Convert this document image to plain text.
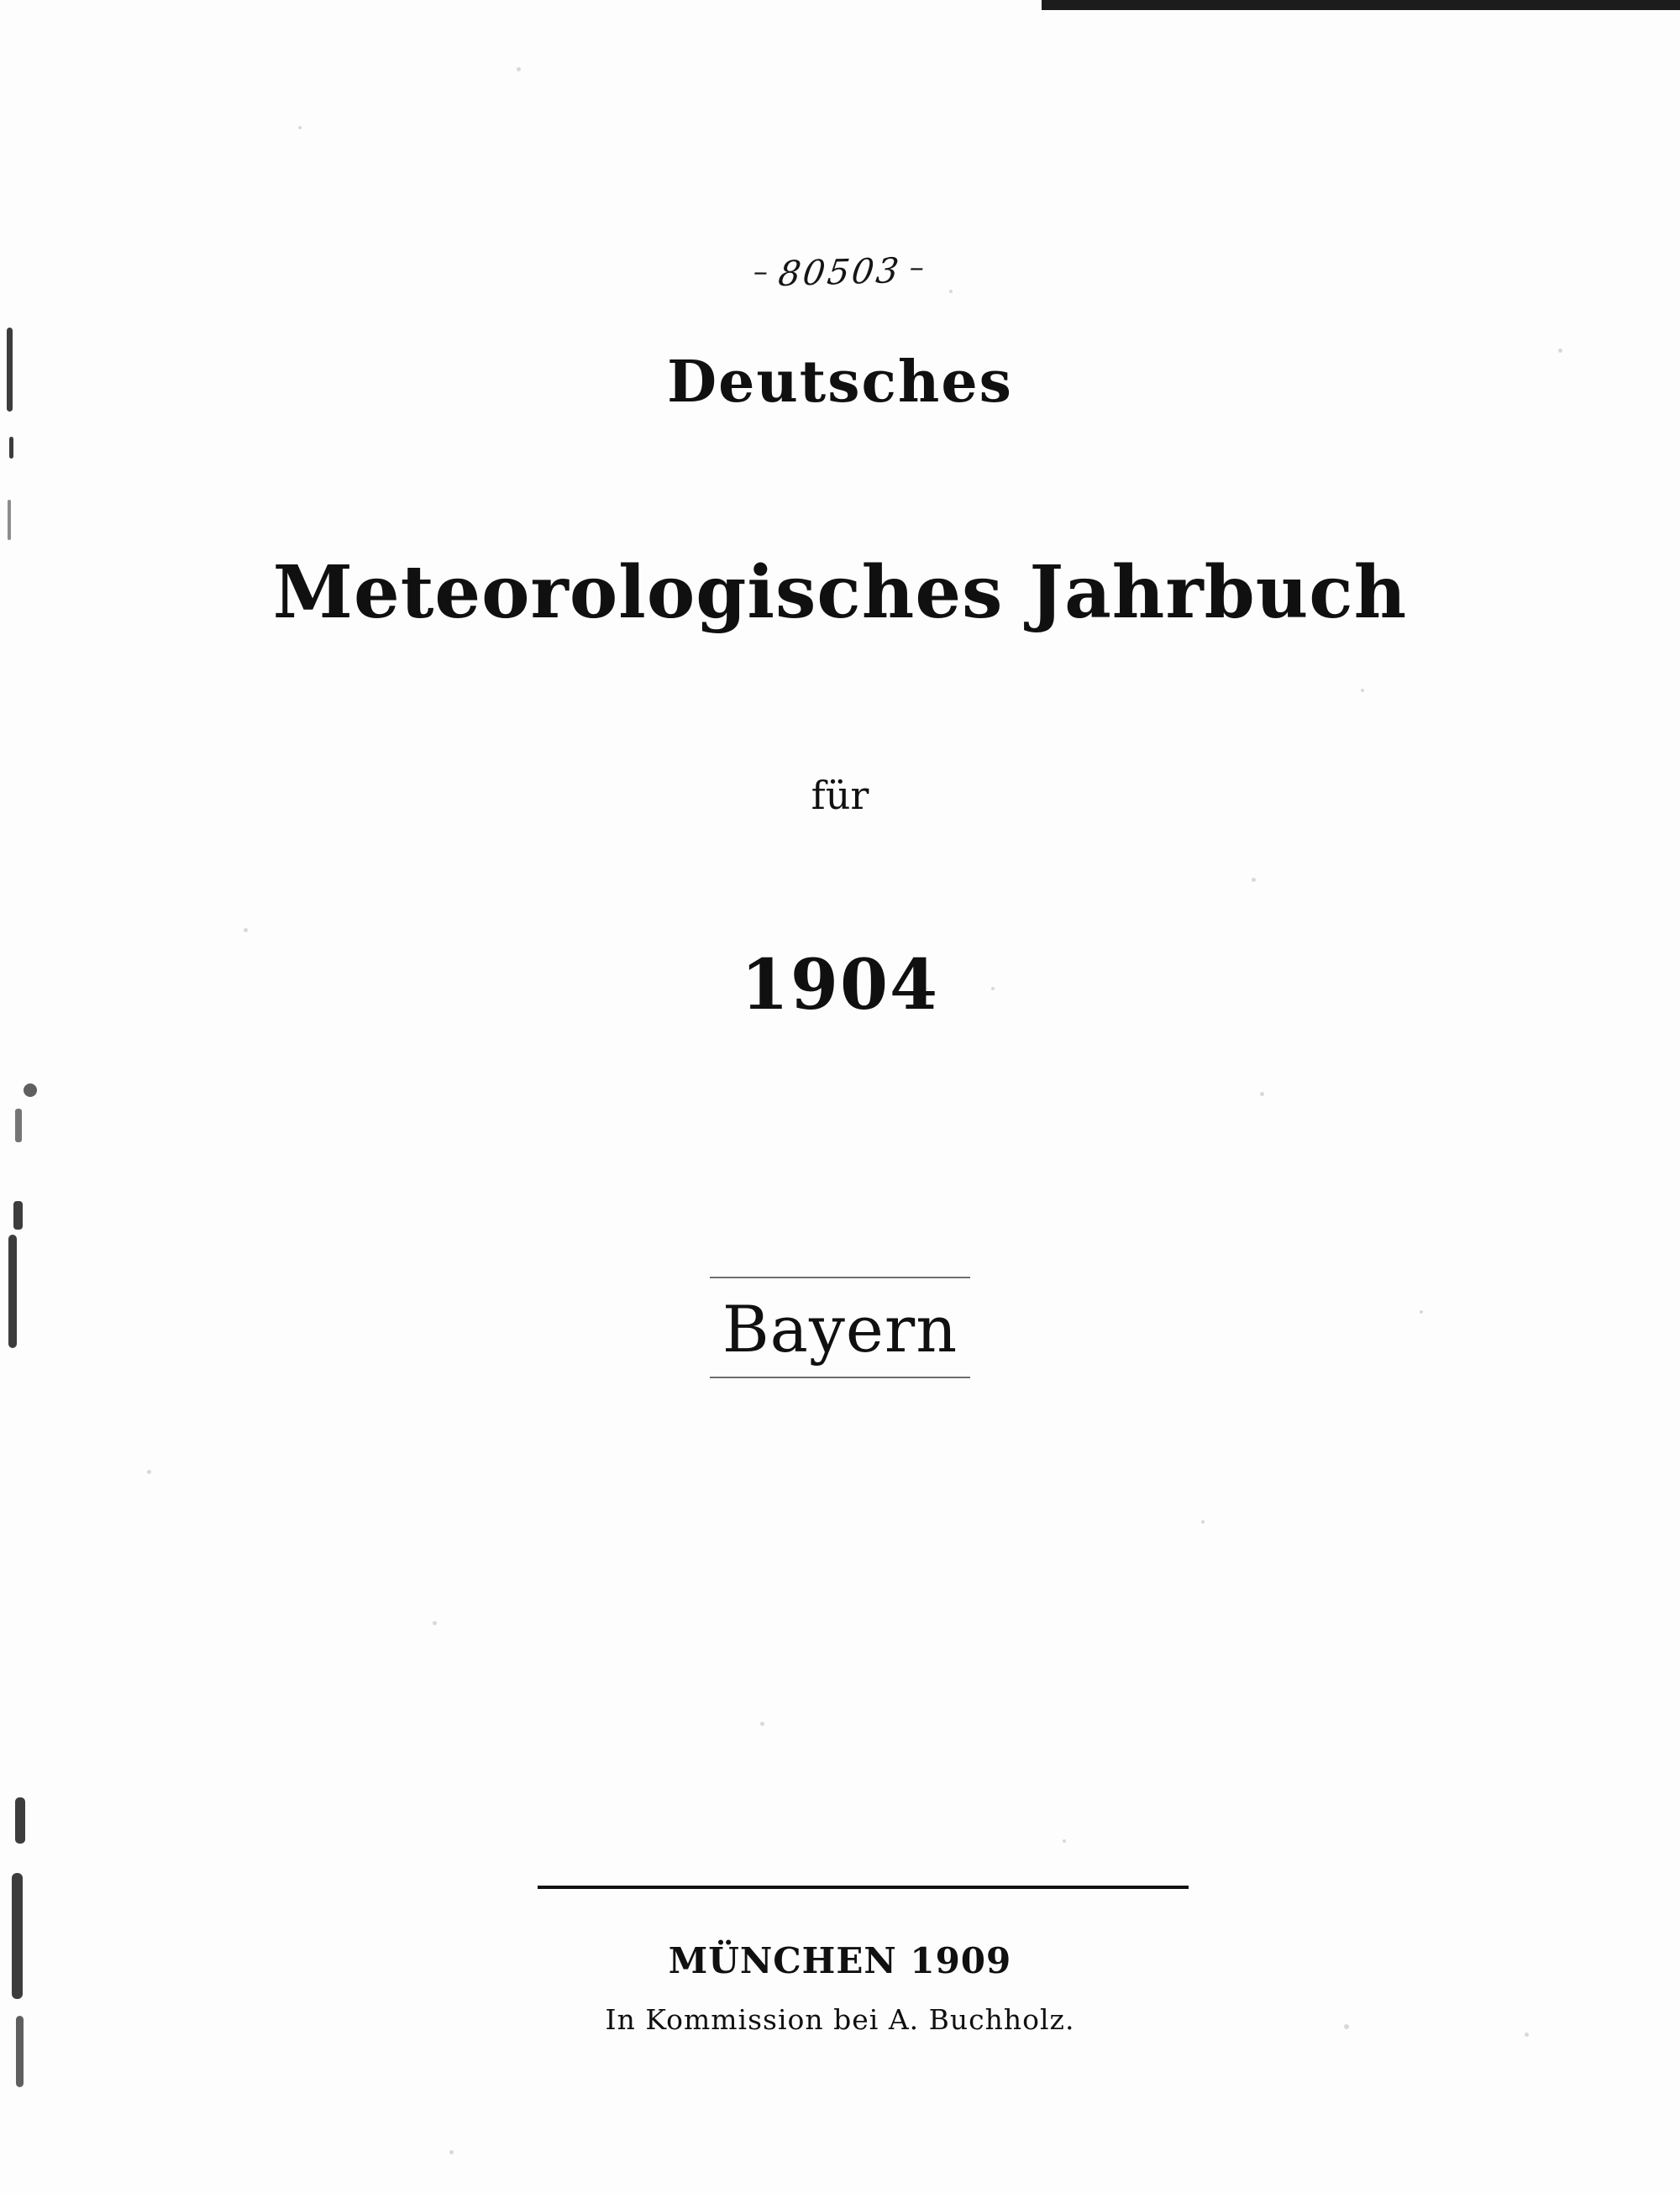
– 80503 –
Deutsches
Meteorologisches Jahrbuch
für
1904
Bayern
MÜNCHEN 1909
In Kommission bei A. Buchholz.
